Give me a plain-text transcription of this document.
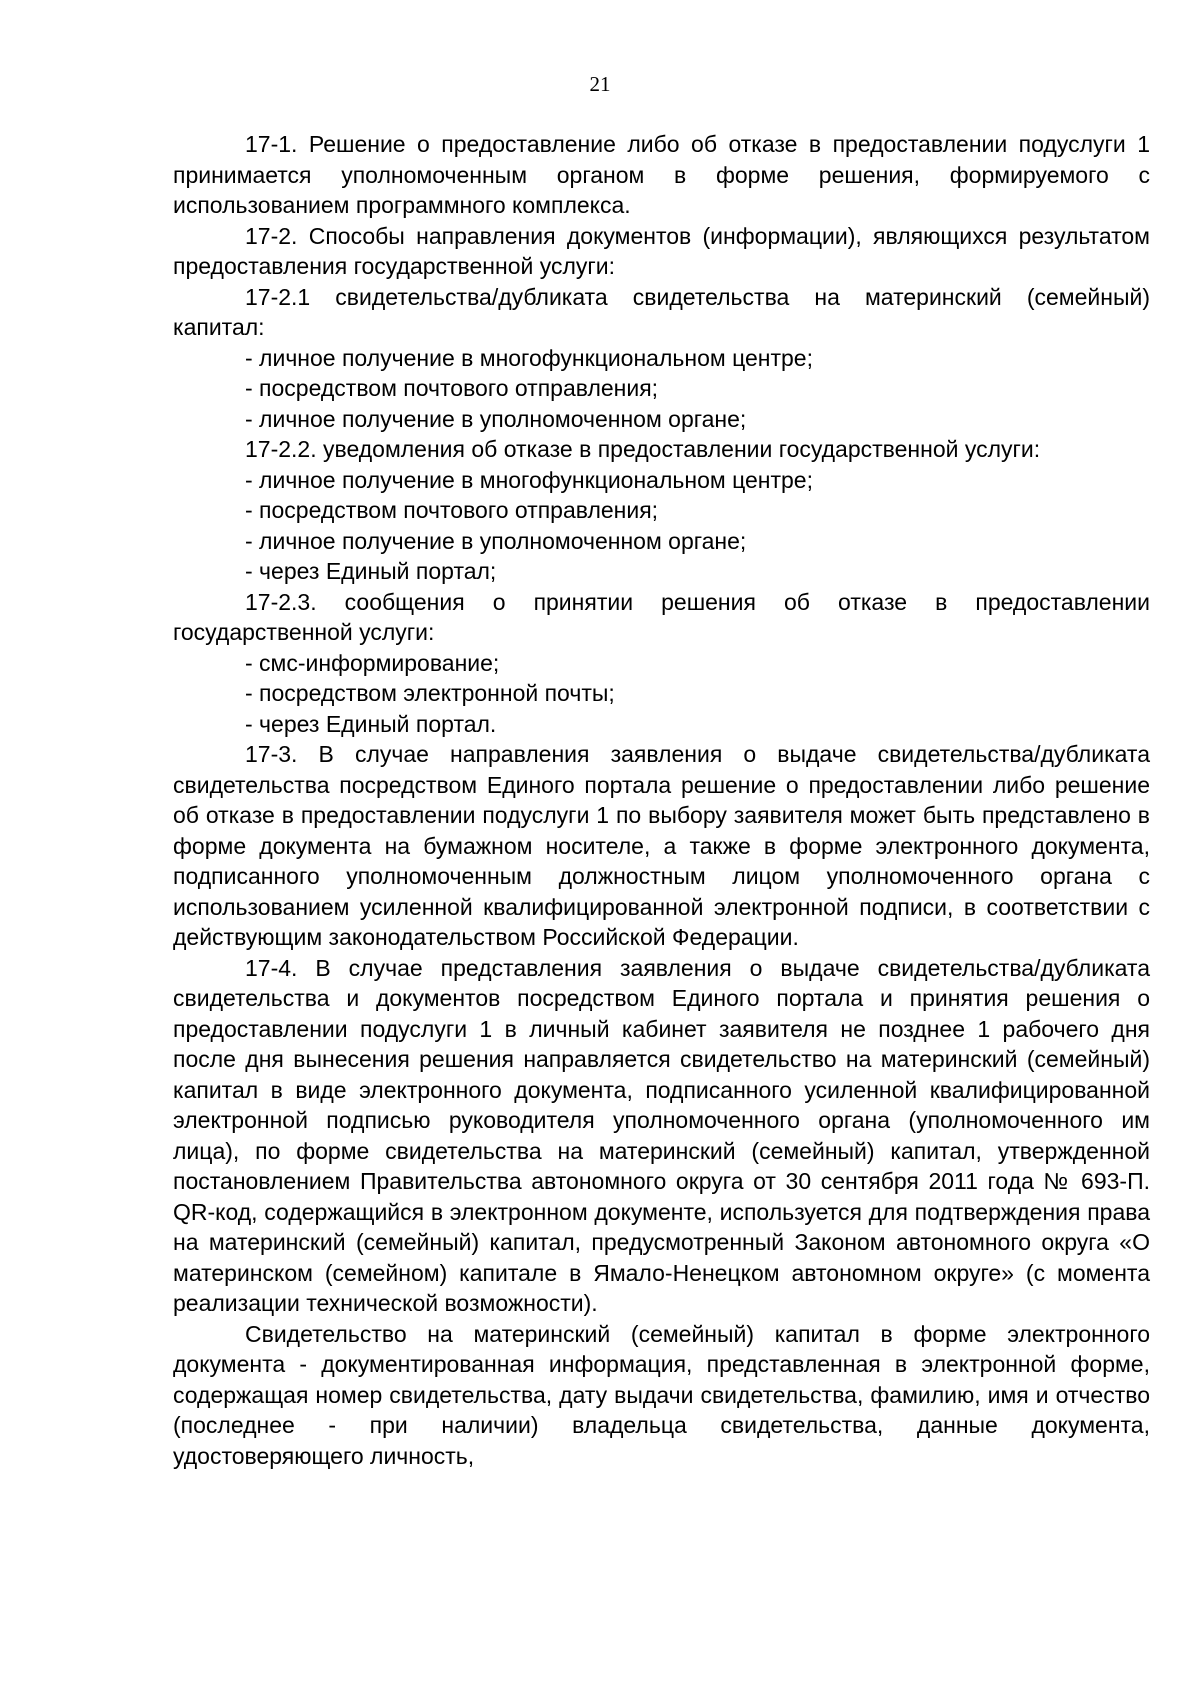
21
17-1. Решение о предоставление либо об отказе в предоставлении подуслуги 1 принимается уполномоченным органом в форме решения, формируемого с использованием программного комплекса.
17-2. Способы направления документов (информации), являющихся результатом предоставления государственной услуги:
17-2.1 свидетельства/дубликата свидетельства на материнский (семейный) капитал:
- личное получение в многофункциональном центре;
- посредством почтового отправления;
- личное получение в уполномоченном органе;
17-2.2. уведомления об отказе в предоставлении государственной услуги:
- личное получение в многофункциональном центре;
- посредством почтового отправления;
- личное получение в уполномоченном органе;
- через Единый портал;
17-2.3. сообщения о принятии решения об отказе в предоставлении государственной услуги:
- смс-информирование;
- посредством электронной почты;
- через Единый портал.
17-3. В случае направления заявления о выдаче свидетельства/дубликата свидетельства посредством Единого портала решение о предоставлении либо решение об отказе в предоставлении подуслуги 1 по выбору заявителя может быть представлено в форме документа на бумажном носителе, а также в форме электронного документа, подписанного уполномоченным должностным лицом уполномоченного органа с использованием усиленной квалифицированной электронной подписи, в соответствии с действующим законодательством Российской Федерации.
17-4. В случае представления заявления о выдаче свидетельства/дубликата свидетельства и документов посредством Единого портала и принятия решения о предоставлении подуслуги 1 в личный кабинет заявителя не позднее 1 рабочего дня после дня вынесения решения направляется свидетельство на материнский (семейный) капитал в виде электронного документа, подписанного усиленной квалифицированной электронной подписью руководителя уполномоченного органа (уполномоченного им лица), по форме свидетельства на материнский (семейный) капитал, утвержденной постановлением Правительства автономного округа от 30 сентября 2011 года № 693-П. QR-код, содержащийся в электронном документе, используется для подтверждения права на материнский (семейный) капитал, предусмотренный Законом автономного округа «О материнском (семейном) капитале в Ямало-Ненецком автономном округе» (с момента реализации технической возможности).
Свидетельство на материнский (семейный) капитал в форме электронного документа - документированная информация, представленная в электронной форме, содержащая номер свидетельства, дату выдачи свидетельства, фамилию, имя и отчество (последнее - при наличии) владельца свидетельства, данные документа, удостоверяющего личность,
